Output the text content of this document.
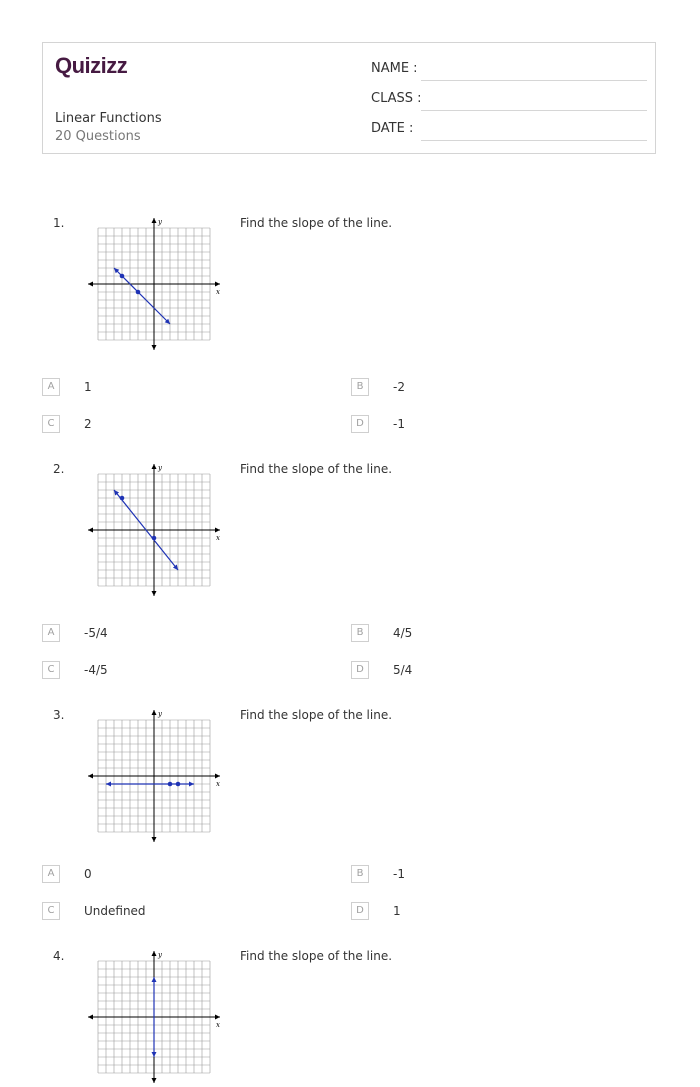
Quizizz
Linear Functions
20 Questions
NAME :
CLASS :
DATE :
1.
x
y	Find the slope of the line.
A	1	B	-2
C	2	D	-1
2.
x
y	Find the slope of the line.
A	-5/4	B	4/5
C	-4/5	D	5/4
3.
x
y	Find the slope of the line.
A	0	B	-1
C	Undefined	D	1
4.
x
y	Find the slope of the line.
